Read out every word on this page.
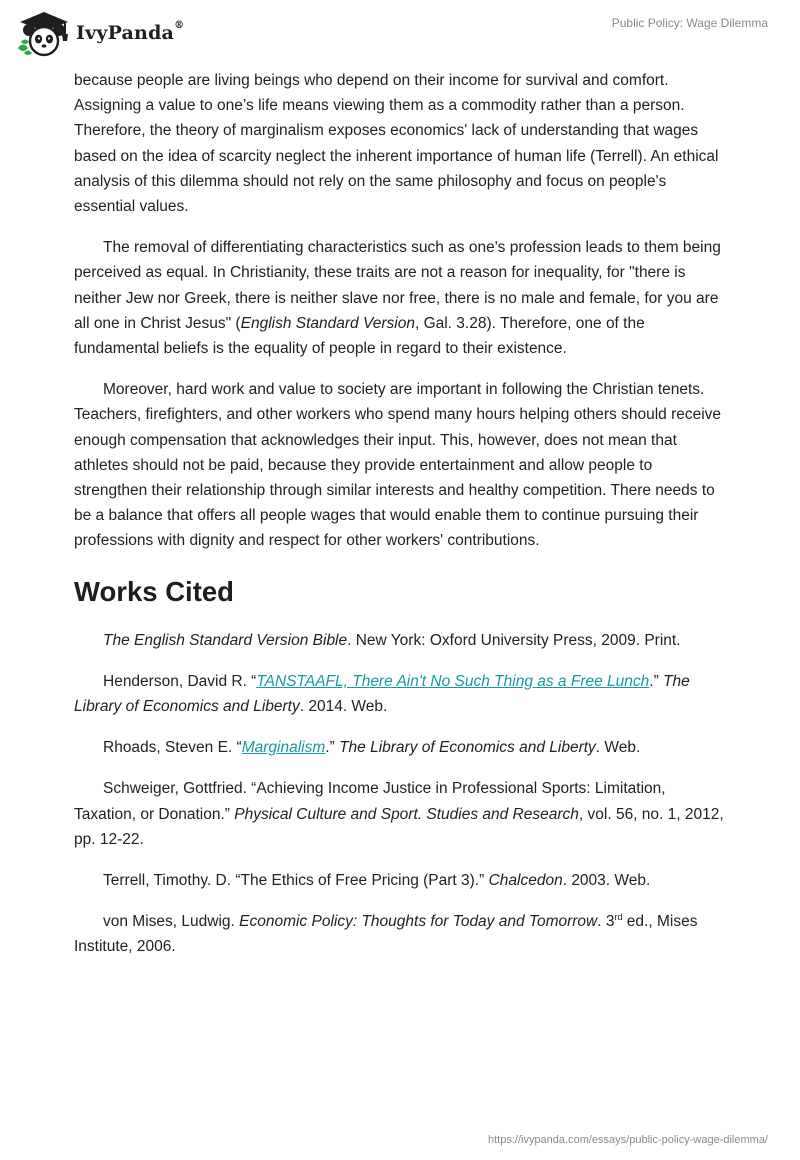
IvyPanda®	Public Policy: Wage Dilemma

because people are living beings who depend on their income for survival and comfort. Assigning a value to one’s life means viewing them as a commodity rather than a person. Therefore, the theory of marginalism exposes economics' lack of understanding that wages based on the idea of scarcity neglect the inherent importance of human life (Terrell). An ethical analysis of this dilemma should not rely on the same philosophy and focus on people's essential values.

The removal of differentiating characteristics such as one's profession leads to them being perceived as equal. In Christianity, these traits are not a reason for inequality, for "there is neither Jew nor Greek, there is neither slave nor free, there is no male and female, for you are all one in Christ Jesus" (English Standard Version, Gal. 3.28). Therefore, one of the fundamental beliefs is the equality of people in regard to their existence.

Moreover, hard work and value to society are important in following the Christian tenets. Teachers, firefighters, and other workers who spend many hours helping others should receive enough compensation that acknowledges their input. This, however, does not mean that athletes should not be paid, because they provide entertainment and allow people to strengthen their relationship through similar interests and healthy competition. There needs to be a balance that offers all people wages that would enable them to continue pursuing their professions with dignity and respect for other workers' contributions.

Works Cited

The English Standard Version Bible. New York: Oxford University Press, 2009. Print.

Henderson, David R. “TANSTAAFL, There Ain't No Such Thing as a Free Lunch.” The Library of Economics and Liberty. 2014. Web.

Rhoads, Steven E. “Marginalism.” The Library of Economics and Liberty. Web.

Schweiger, Gottfried. “Achieving Income Justice in Professional Sports: Limitation, Taxation, or Donation.” Physical Culture and Sport. Studies and Research, vol. 56, no. 1, 2012, pp. 12-22.

Terrell, Timothy. D. “The Ethics of Free Pricing (Part 3).” Chalcedon. 2003. Web.

von Mises, Ludwig. Economic Policy: Thoughts for Today and Tomorrow. 3rd ed., Mises Institute, 2006.

https://ivypanda.com/essays/public-policy-wage-dilemma/
